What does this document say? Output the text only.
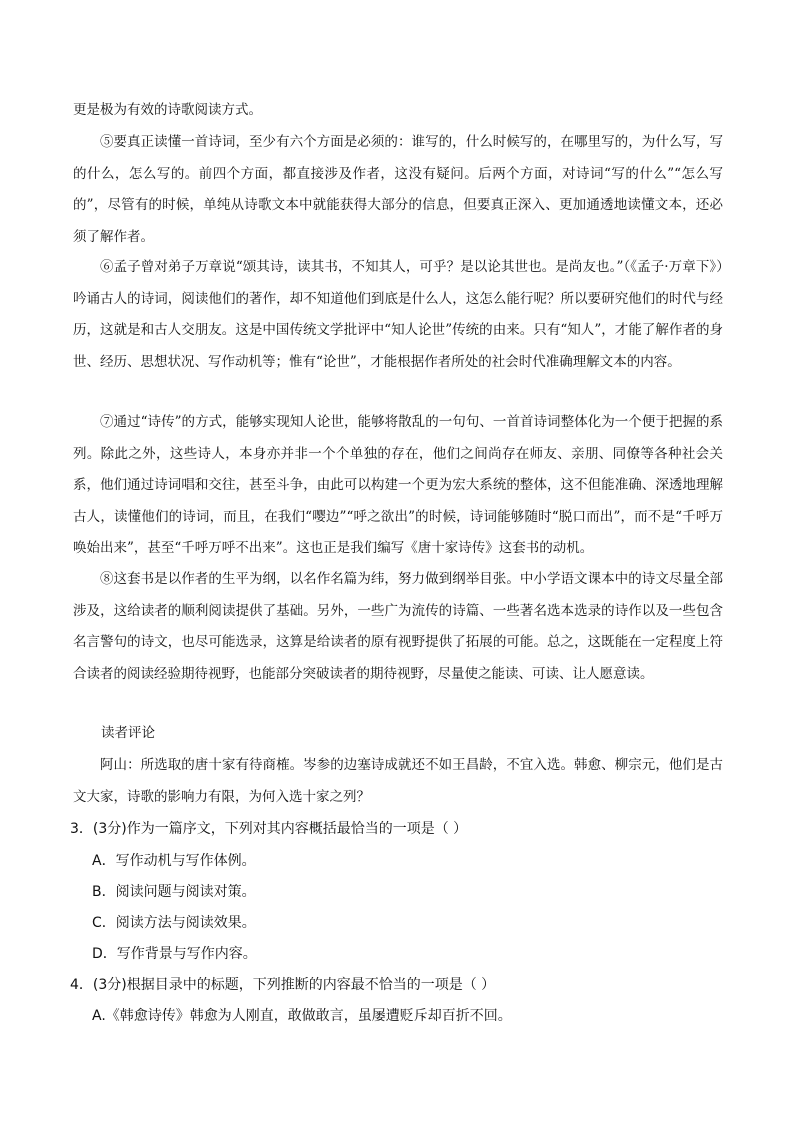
更是极为有效的诗歌阅读方式。

⑤要真正读懂一首诗词，至少有六个方面是必须的：谁写的，什么时候写的，在哪里写的，为什么写，写的什么，怎么写的。前四个方面，都直接涉及作者，这没有疑问。后两个方面，对诗词“写的什么”“怎么写的”，尽管有的时候，单纯从诗歌文本中就能获得大部分的信息，但要真正深入、更加通透地读懂文本，还必须了解作者。

⑥孟子曾对弟子万章说“颂其诗，读其书，不知其人，可乎？是以论其世也。是尚友也。”（《孟子·万章下》）吟诵古人的诗词，阅读他们的著作，却不知道他们到底是什么人，这怎么能行呢？所以要研究他们的时代与经历，这就是和古人交朋友。这是中国传统文学批评中“知人论世”传统的由来。只有“知人”，才能了解作者的身世、经历、思想状况、写作动机等；惟有“论世”，才能根据作者所处的社会时代准确理解文本的内容。

⑦通过“诗传”的方式，能够实现知人论世，能够将散乱的一句句、一首首诗词整体化为一个便于把握的系列。除此之外，这些诗人，本身亦并非一个个单独的存在，他们之间尚存在师友、亲朋、同僚等各种社会关系，他们通过诗词唱和交往，甚至斗争，由此可以构建一个更为宏大系统的整体，这不但能准确、深透地理解古人，读懂他们的诗词，而且，在我们“嘤边”“呼之欲出”的时候，诗词能够随时“脱口而出”，而不是“千呼万唤始出来”，甚至“千呼万呼不出来”。这也正是我们编写《唐十家诗传》这套书的动机。

⑧这套书是以作者的生平为纲，以名作名篇为纬，努力做到纲举目张。中小学语文课本中的诗文尽量全部涉及，这给读者的顺利阅读提供了基础。另外，一些广为流传的诗篇、一些著名选本选录的诗作以及一些包含名言警句的诗文，也尽可能选录，这算是给读者的原有视野提供了拓展的可能。总之，这既能在一定程度上符合读者的阅读经验期待视野，也能部分突破读者的期待视野，尽量使之能读、可读、让人愿意读。

读者评论

阿山：所选取的唐十家有待商榷。岑参的边塞诗成就还不如王昌龄，不宜入选。韩愈、柳宗元，他们是古文大家，诗歌的影响力有限，为何入选十家之列？

3．(3分)作为一篇序文，下列对其内容概括最恰当的一项是（ ）

A．写作动机与写作体例。

B．阅读问题与阅读对策。

C．阅读方法与阅读效果。

D．写作背景与写作内容。

4．(3分)根据目录中的标题，下列推断的内容最不恰当的一项是（ ）

A.《韩愈诗传》韩愈为人刚直，敢做敢言，虽屡遭贬斥却百折不回。
